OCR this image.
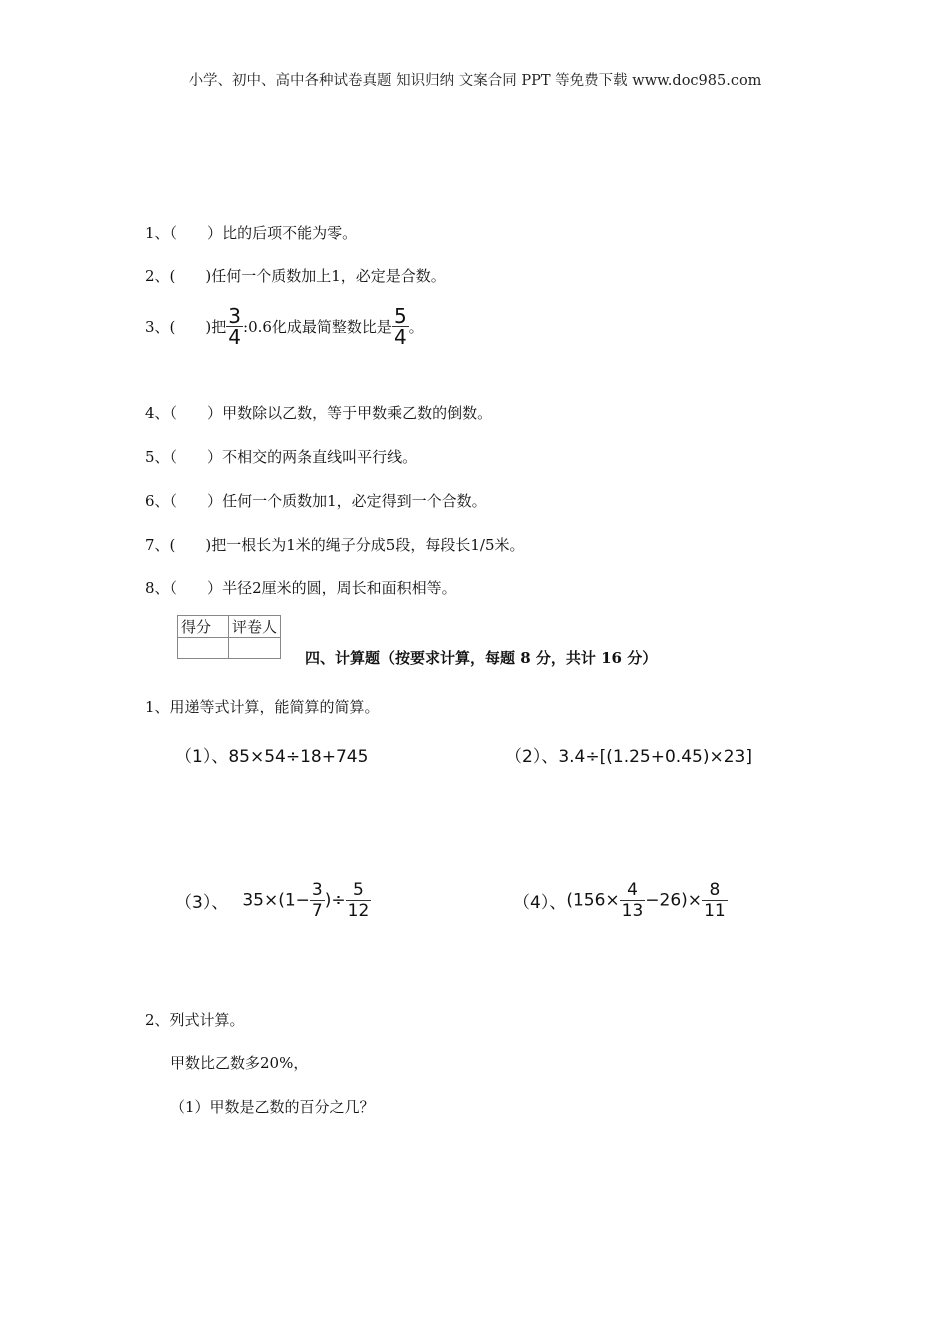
小学、初中、高中各种试卷真题 知识归纳 文案合同 PPT 等免费下载 www.doc985.com
1、（　　）比的后项不能为零。
2、(　　)任何一个质数加上1，必定是合数。
3、(　　)把 $\frac{3}{4}$ :0.6化成最简整数比是 $\frac{5}{4}$ 。
4、（　　）甲数除以乙数，等于甲数乘乙数的倒数。
5、（　　）不相交的两条直线叫平行线。
6、（　　）任何一个质数加1，必定得到一个合数。
7、(　　)把一根长为1米的绳子分成5段，每段长1/5米。
8、（　　）半径2厘米的圆，周长和面积相等。
得分	评卷人

四、计算题（按要求计算，每题 8 分，共计 16 分）
1、用递等式计算，能简算的简算。
（1）、85×54÷18+745	（2）、3.4÷[(1.25+0.45)×23]
（3）、 $35\times(1- \frac{3}{7}$ )÷ $\frac{5}{12}$	（4）、$(156\times \frac{4}{13} -26)\times \frac{8}{11}$
2、列式计算。
甲数比乙数多20%，
（1）甲数是乙数的百分之几？
